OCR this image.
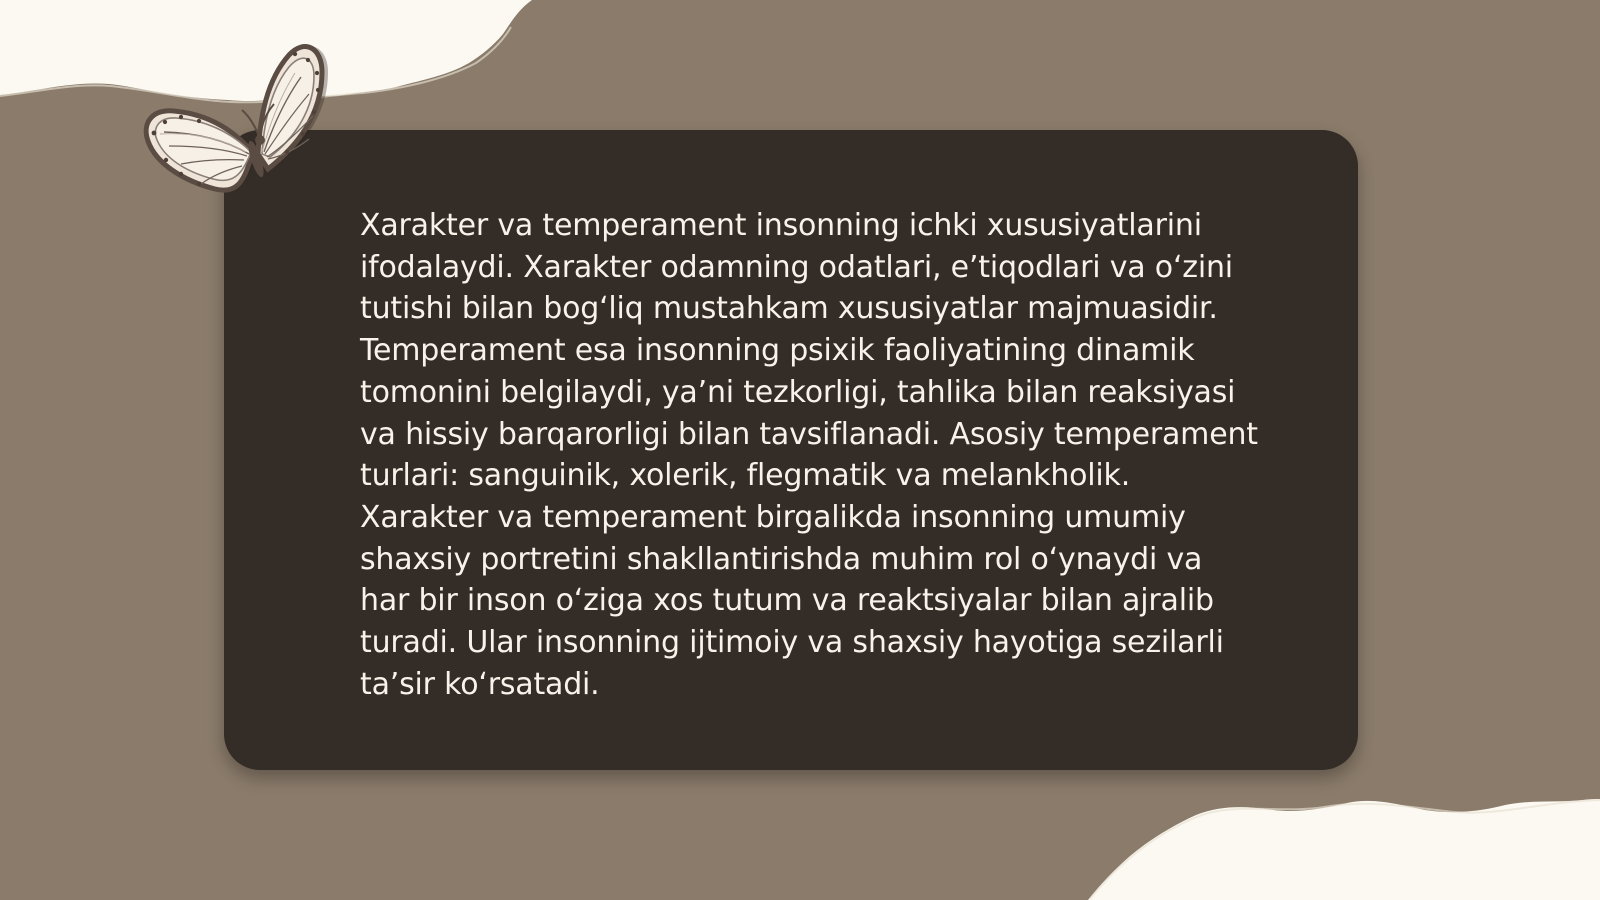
Xarakter va temperament insonning ichki xususiyatlarini ifodalaydi. Xarakter odamning odatlari, e’tiqodlari va o‘zini tutishi bilan bog‘liq mustahkam xususiyatlar majmuasidir. Temperament esa insonning psixik faoliyatining dinamik tomonini belgilaydi, ya’ni tezkorligi, tahlika bilan reaksiyasi va hissiy barqarorligi bilan tavsiflanadi. Asosiy temperament turlari: sanguinik, xolerik, flegmatik va melankholik. Xarakter va temperament birgalikda insonning umumiy shaxsiy portretini shakllantirishda muhim rol o‘ynaydi va har bir inson o‘ziga xos tutum va reaktsiyalar bilan ajralib turadi. Ular insonning ijtimoiy va shaxsiy hayotiga sezilarli ta’sir ko‘rsatadi.
